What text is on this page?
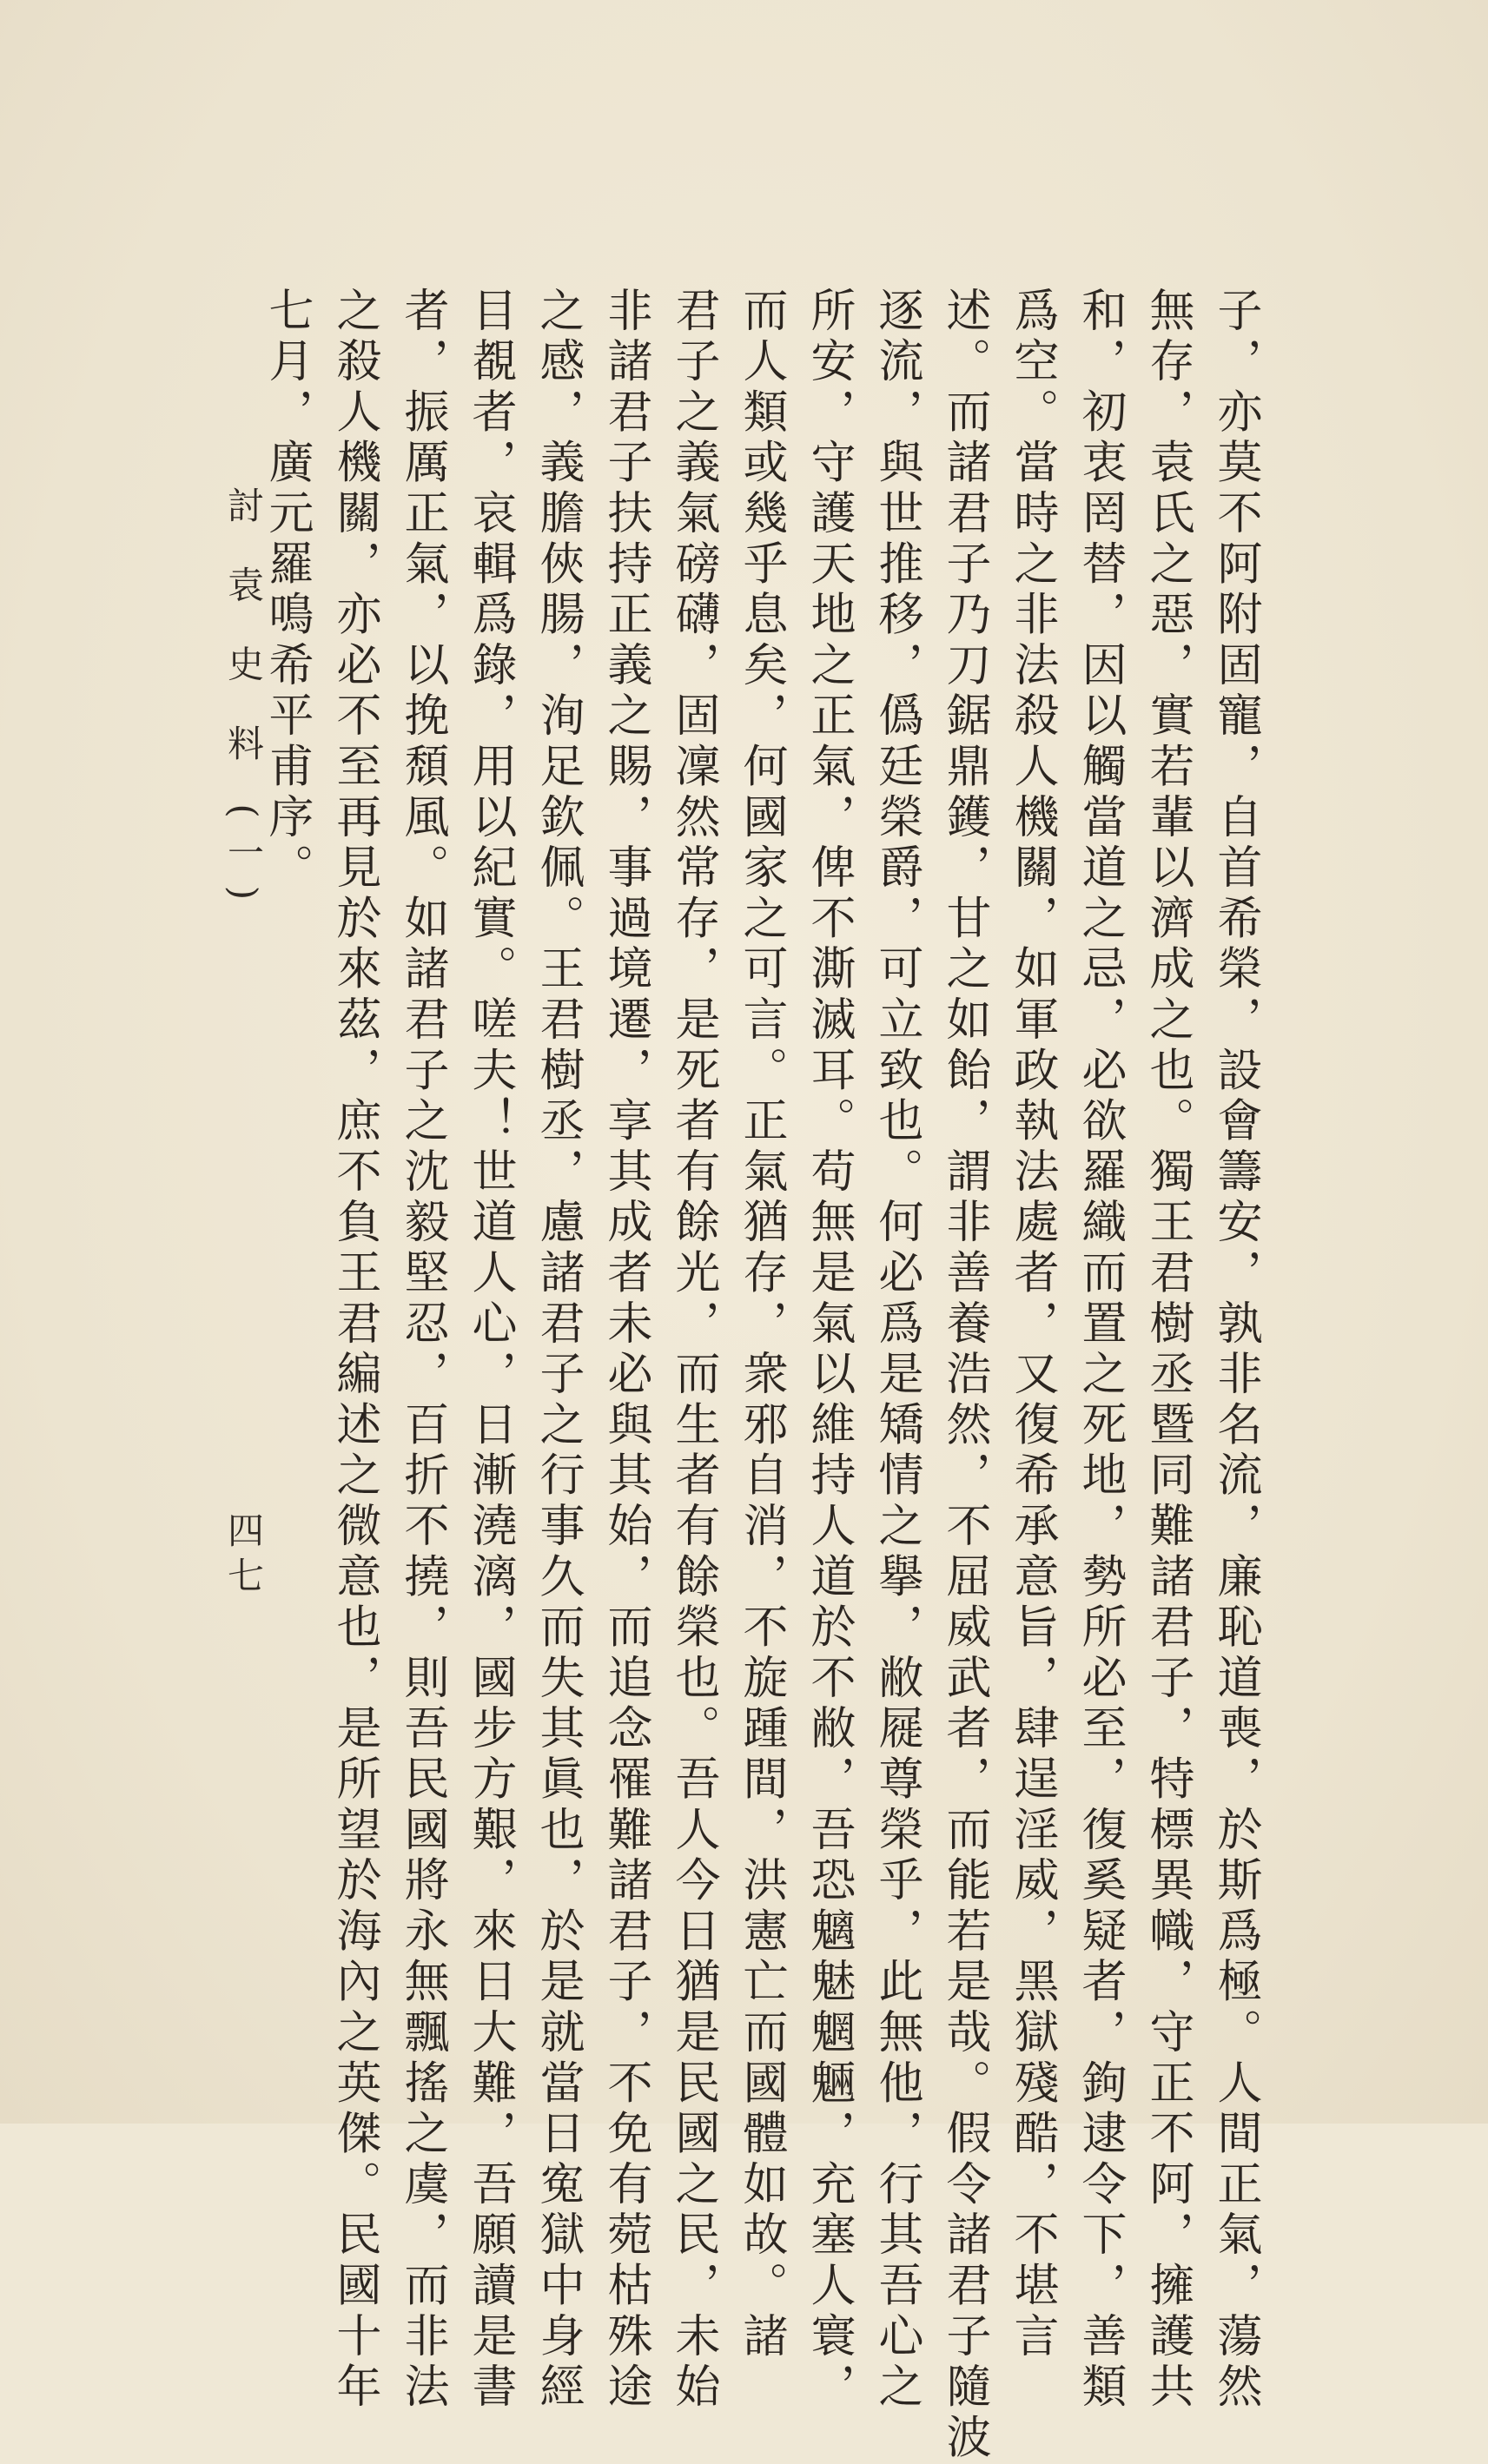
子，亦莫不阿附固寵，自首希榮，設會籌安，孰非名流，廉恥道喪，於斯爲極。人間正氣，蕩然
無存，袁氏之惡，實若輩以濟成之也。獨王君樹丞暨同難諸君子，特標異幟，守正不阿，擁護共
和，初衷罔替，因以觸當道之忌，必欲羅織而置之死地，勢所必至，復奚疑者，鉤逮令下，善類
爲空。當時之非法殺人機關，如軍政執法處者，又復希承意旨，肆逞淫威，黑獄殘酷，不堪言
述。而諸君子乃刀鋸鼎鑊，甘之如飴，謂非善養浩然，不屈威武者，而能若是哉。假令諸君子隨波
逐流，與世推移，僞廷榮爵，可立致也。何必爲是矯情之擧，敝屣尊榮乎，此無他，行其吾心之
所安，守護天地之正氣，俾不澌滅耳。苟無是氣以維持人道於不敝，吾恐魑魅魍魎，充塞人寰，
而人類或幾乎息矣，何國家之可言。正氣猶存，衆邪自消，不旋踵間，洪憲亡而國體如故。諸
君子之義氣磅礴，固凜然常存，是死者有餘光，而生者有餘榮也。吾人今日猶是民國之民，未始
非諸君子扶持正義之賜，事過境遷，享其成者未必與其始，而追念罹難諸君子，不免有菀枯殊途
之感，義膽俠腸，洵足欽佩。王君樹丞，慮諸君子之行事久而失其眞也，於是就當日寃獄中身經
目覩者，哀輯爲錄，用以紀實。嗟夫！世道人心，日漸澆漓，國步方艱，來日大難，吾願讀是書
者，振厲正氣，以挽頹風。如諸君子之沈毅堅忍，百折不撓，則吾民國將永無飄搖之虞，而非法
之殺人機關，亦必不至再見於來茲，庶不負王君編述之微意也，是所望於海內之英傑。民國十年
七月，廣元羅鳴希平甫序。
討 袁 史 料 (一)
四七
